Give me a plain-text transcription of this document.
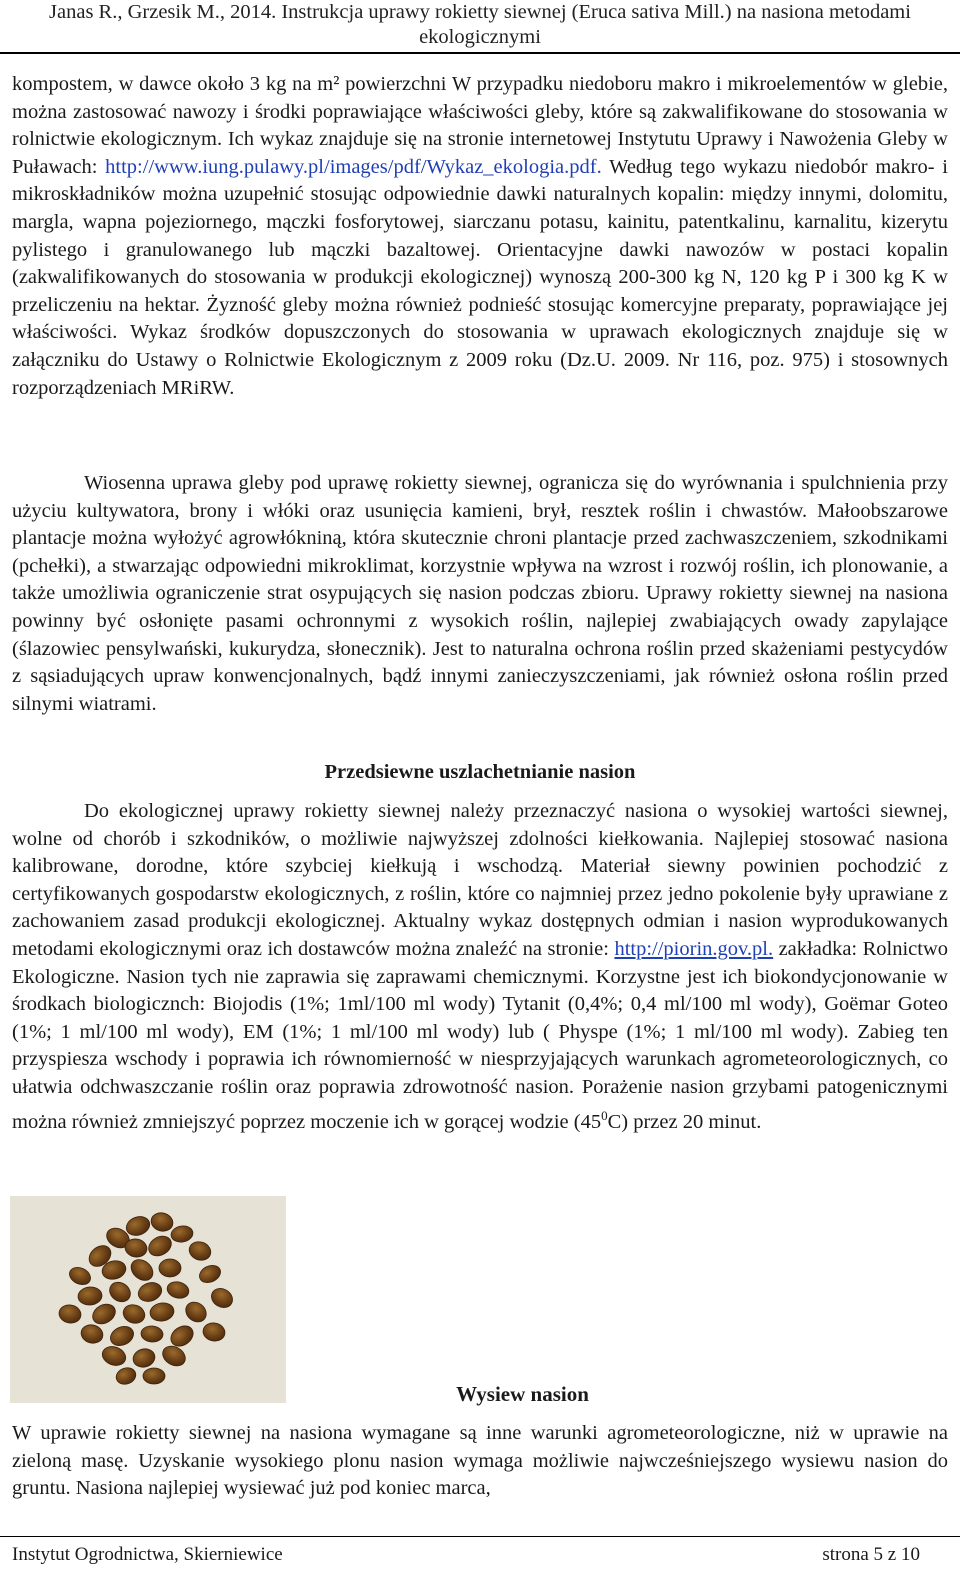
Janas R., Grzesik M., 2014. Instrukcja uprawy rokietty siewnej (Eruca sativa Mill.) na nasiona metodami
ekologicznymi

kompostem, w dawce około 3 kg na m² powierzchni W przypadku niedoboru makro i mikroelementów w glebie, można zastosować nawozy i środki poprawiające właściwości gleby, które są zakwalifikowane do stosowania w rolnictwie ekologicznym. Ich wykaz znajduje się na stronie internetowej Instytutu Uprawy i Nawożenia Gleby w Puławach: http://www.iung.pulawy.pl/images/pdf/Wykaz_ekologia.pdf. Według tego wykazu niedobór makro- i mikroskładników można uzupełnić stosując odpowiednie dawki naturalnych kopalin: między innymi, dolomitu, margla, wapna pojeziornego, mączki fosforytowej, siarczanu potasu, kainitu, patentkalinu, karnalitu, kizerytu pylistego i granulowanego lub mączki bazaltowej. Orientacyjne dawki nawozów w postaci kopalin (zakwalifikowanych do stosowania w produkcji ekologicznej) wynoszą 200-300 kg N, 120 kg P i 300 kg K w przeliczeniu na hektar. Żyzność gleby można również podnieść stosując komercyjne preparaty, poprawiające jej właściwości. Wykaz środków dopuszczonych do stosowania w uprawach ekologicznych znajduje się w załączniku do Ustawy o Rolnictwie Ekologicznym z 2009 roku (Dz.U. 2009. Nr 116, poz. 975) i stosownych rozporządzeniach MRiRW.

Wiosenna uprawa gleby pod uprawę rokietty siewnej, ogranicza się do wyrównania i spulchnienia przy użyciu kultywatora, brony i włóki oraz usunięcia kamieni, brył, resztek roślin i chwastów. Małoobszarowe plantacje można wyłożyć agrowłókniną, która skutecznie chroni plantacje przed zachwaszczeniem, szkodnikami (pchełki), a stwarzając odpowiedni mikroklimat, korzystnie wpływa na wzrost i rozwój roślin, ich plonowanie, a także umożliwia ograniczenie strat osypujących się nasion podczas zbioru. Uprawy rokietty siewnej na nasiona powinny być osłonięte pasami ochronnymi z wysokich roślin, najlepiej zwabiających owady zapylające (ślazowiec pensylwański, kukurydza, słonecznik). Jest to naturalna ochrona roślin przed skażeniami pestycydów z sąsiadujących upraw konwencjonalnych, bądź innymi zanieczyszczeniami, jak również osłona roślin przed silnymi wiatrami.

Przedsiewne uszlachetnianie nasion

Do ekologicznej uprawy rokietty siewnej należy przeznaczyć nasiona o wysokiej wartości siewnej, wolne od chorób i szkodników, o możliwie najwyższej zdolności kiełkowania. Najlepiej stosować nasiona kalibrowane, dorodne, które szybciej kiełkują i wschodzą. Materiał siewny powinien pochodzić z certyfikowanych gospodarstw ekologicznych, z roślin, które co najmniej przez jedno pokolenie były uprawiane z zachowaniem zasad produkcji ekologicznej. Aktualny wykaz dostępnych odmian i nasion wyprodukowanych metodami ekologicznymi oraz ich dostawców można znaleźć na stronie: http://piorin.gov.pl. zakładka: Rolnictwo Ekologiczne. Nasion tych nie zaprawia się zaprawami chemicznymi. Korzystne jest ich biokondycjonowanie w środkach biologicznch: Biojodis (1%; 1ml/100 ml wody) Tytanit (0,4%; 0,4 ml/100 ml wody), Goëmar Goteo (1%; 1 ml/100 ml wody), EM (1%; 1 ml/100 ml wody) lub ( Physpe (1%; 1 ml/100 ml wody). Zabieg ten przyspiesza wschody i poprawia ich równomierność w niesprzyjających warunkach agrometeorologicznych, co ułatwia odchwaszczanie roślin oraz poprawia zdrowotność nasion. Porażenie nasion grzybami patogenicznymi można również zmniejszyć poprzez moczenie ich w gorącej wodzie $(45^0C)$ przez 20 minut.

Wysiew nasion

W uprawie rokietty siewnej na nasiona wymagane są inne warunki agrometeorologiczne, niż w uprawie na zieloną masę. Uzyskanie wysokiego plonu nasion wymaga możliwie najwcześniejszego wysiewu nasion do gruntu. Nasiona najlepiej wysiewać już pod koniec marca,

Instytut Ogrodnictwa, Skierniewice	strona 5 z 10
